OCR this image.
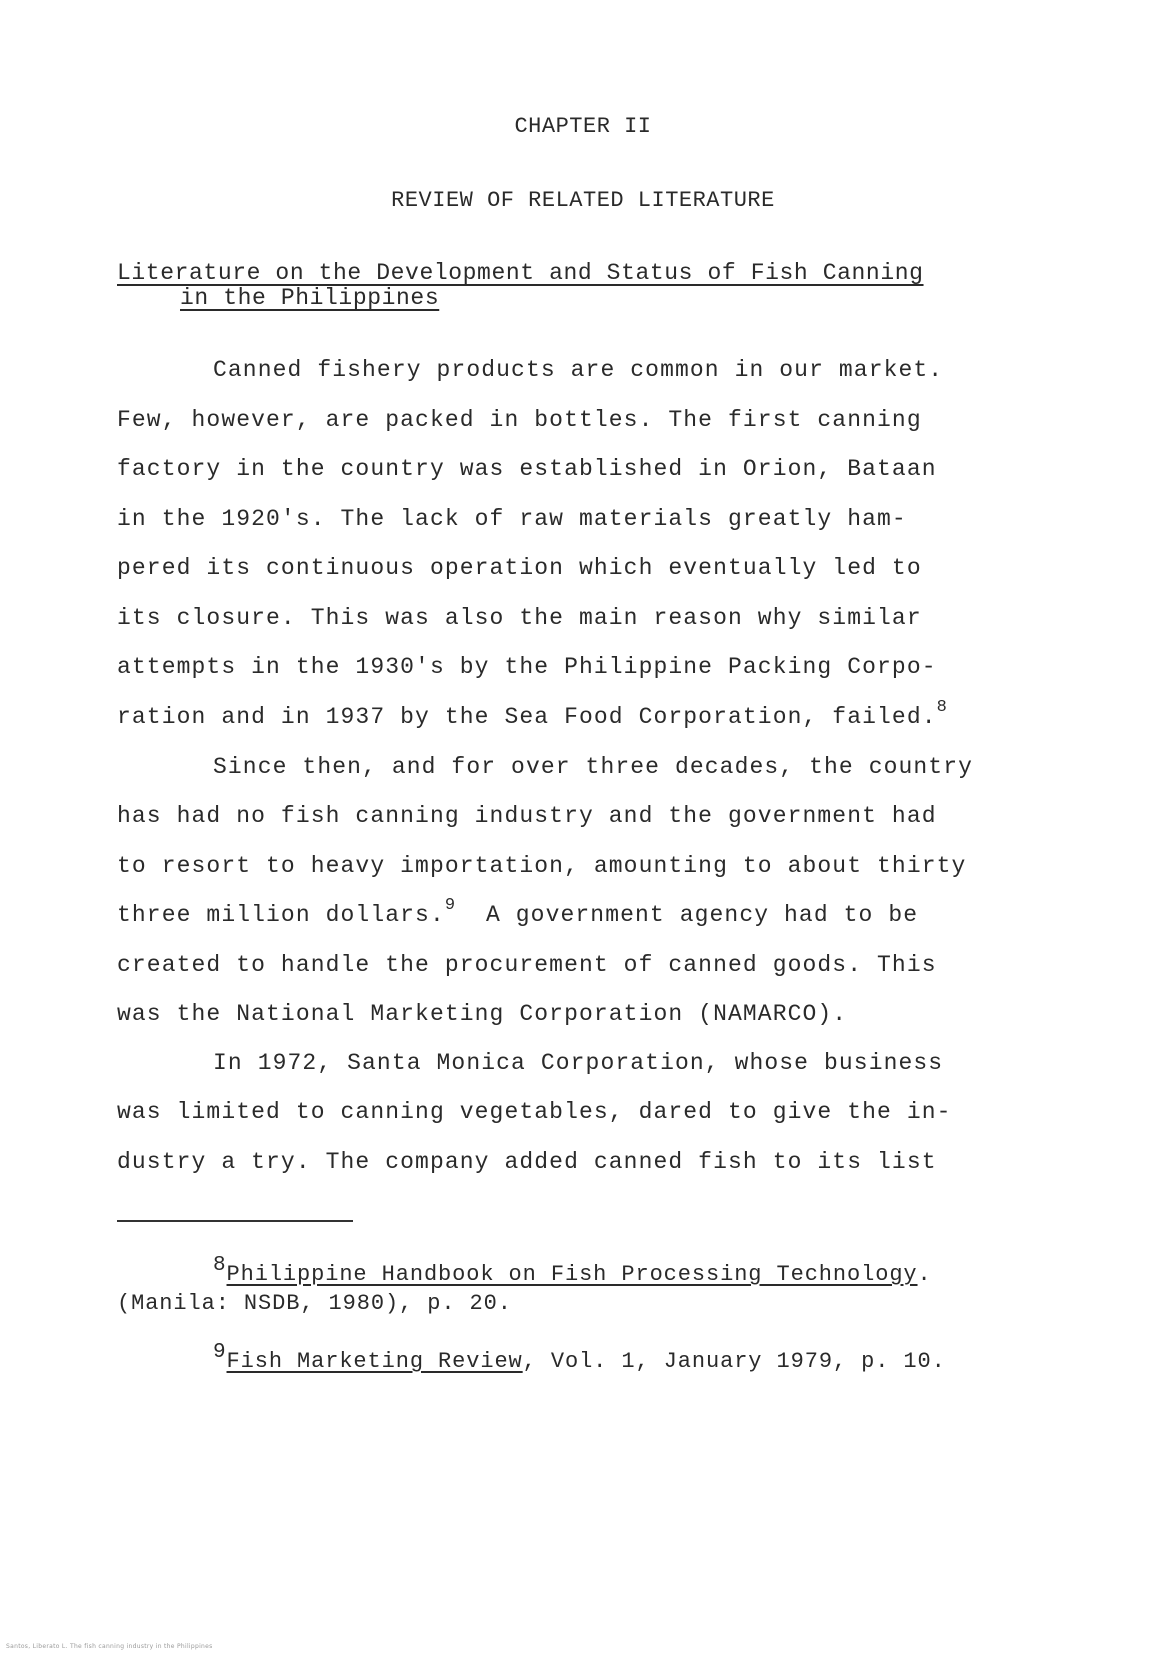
CHAPTER II
REVIEW OF RELATED LITERATURE
Literature on the Development and Status of Fish Canning
in the Philippines
Canned fishery products are common in our market.
Few, however, are packed in bottles. The first canning
factory in the country was established in Orion, Bataan
in the 1920's. The lack of raw materials greatly ham-
pered its continuous operation which eventually led to
its closure. This was also the main reason why similar
attempts in the 1930's by the Philippine Packing Corpo-
ration and in 1937 by the Sea Food Corporation, failed.$^8$
Since then, and for over three decades, the country
has had no fish canning industry and the government had
to resort to heavy importation, amounting to about thirty
three million dollars.$^9$  A government agency had to be
created to handle the procurement of canned goods. This
was the National Marketing Corporation (NAMARCO).
In 1972, Santa Monica Corporation, whose business
was limited to canning vegetables, dared to give the in-
dustry a try. The company added canned fish to its list
8Philippine Handbook on Fish Processing Technology.
(Manila: NSDB, 1980), p. 20.
9Fish Marketing Review, Vol. 1, January 1979, p. 10.
Santos, Liberato L. The fish canning industry in the Philippines
